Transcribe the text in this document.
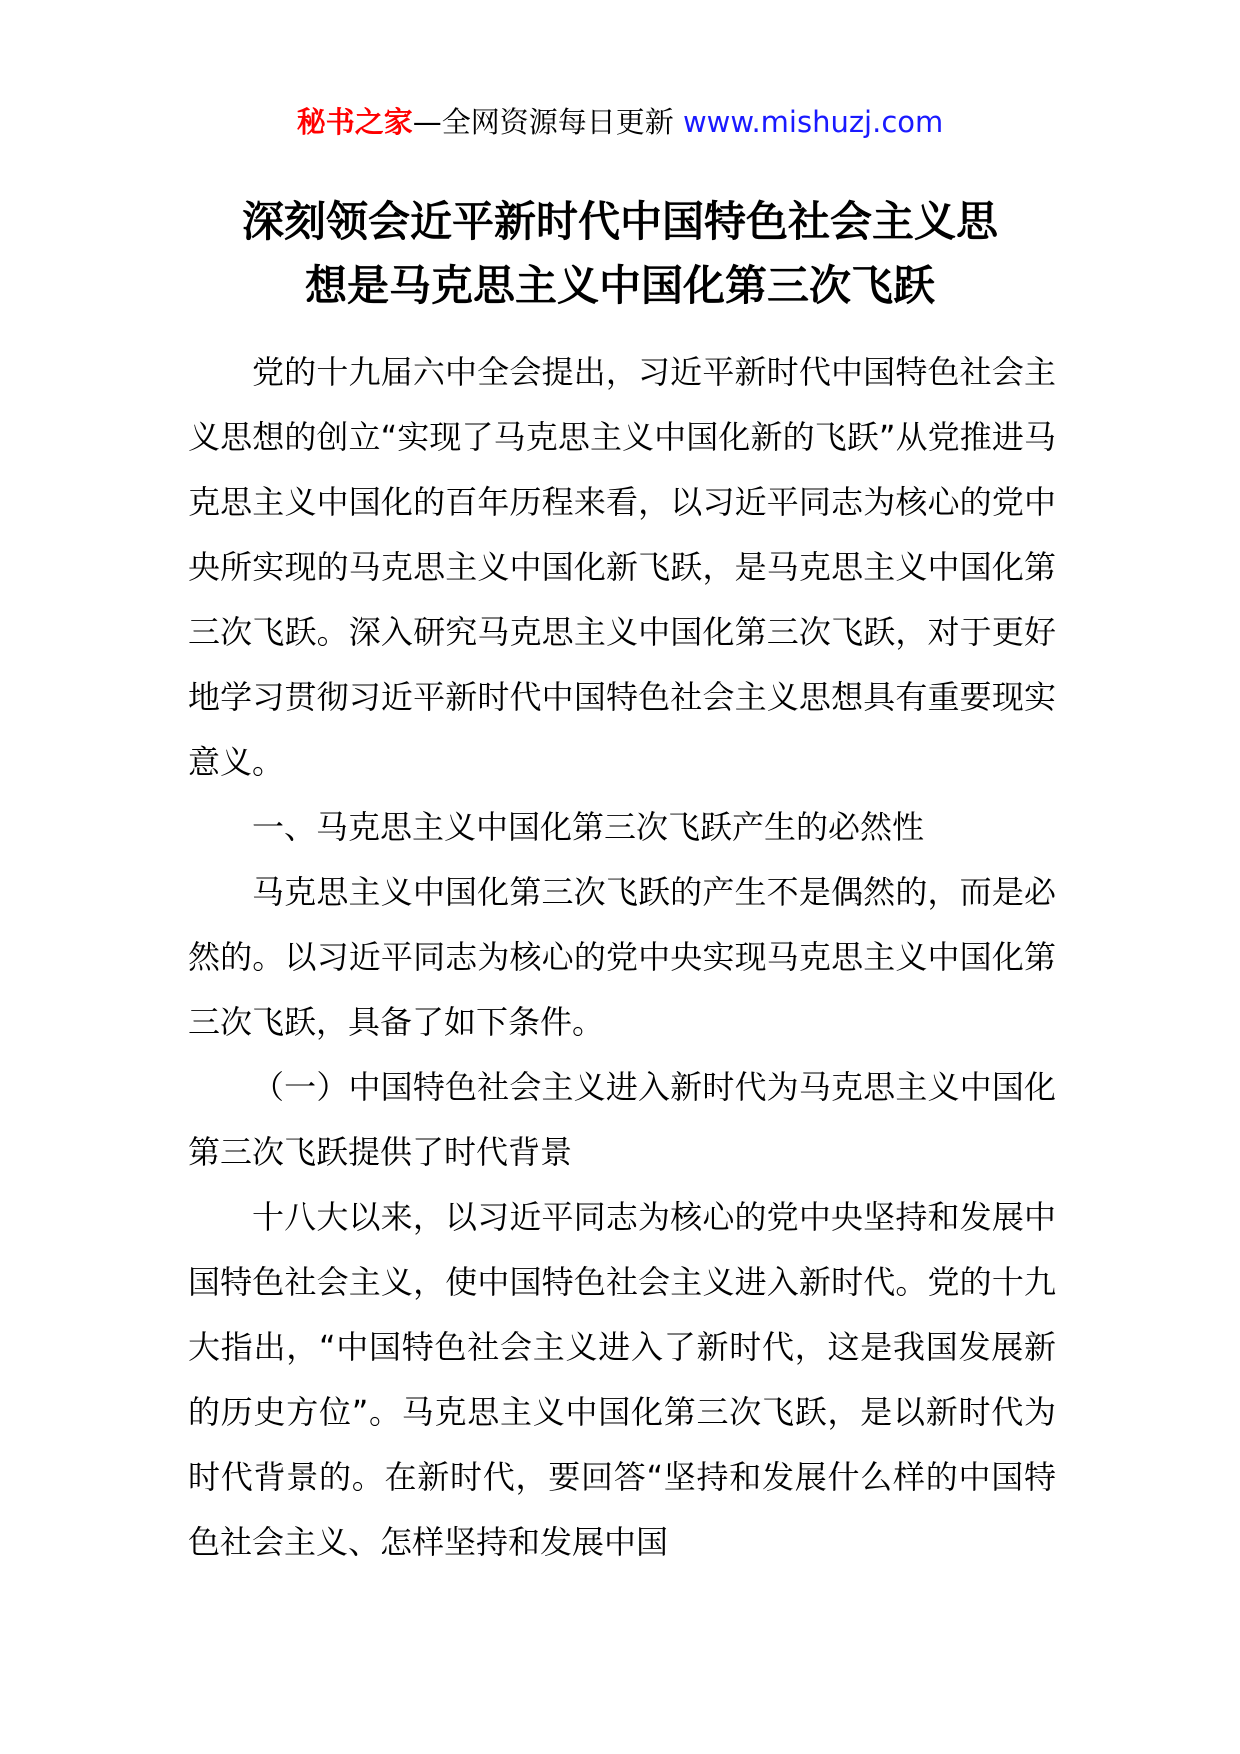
秘书之家—全网资源每日更新 www.mishuzj.com
深刻领会近平新时代中国特色社会主义思
想是马克思主义中国化第三次飞跃

党的十九届六中全会提出，习近平新时代中国特色社会主义思想的创立“实现了马克思主义中国化新的飞跃”从党推进马克思主义中国化的百年历程来看，以习近平同志为核心的党中央所实现的马克思主义中国化新飞跃，是马克思主义中国化第三次飞跃。深入研究马克思主义中国化第三次飞跃，对于更好地学习贯彻习近平新时代中国特色社会主义思想具有重要现实意义。

一、马克思主义中国化第三次飞跃产生的必然性

马克思主义中国化第三次飞跃的产生不是偶然的，而是必然的。以习近平同志为核心的党中央实现马克思主义中国化第三次飞跃，具备了如下条件。

（一）中国特色社会主义进入新时代为马克思主义中国化第三次飞跃提供了时代背景

十八大以来，以习近平同志为核心的党中央坚持和发展中国特色社会主义，使中国特色社会主义进入新时代。党的十九大指出，“中国特色社会主义进入了新时代，这是我国发展新的历史方位”。马克思主义中国化第三次飞跃，是以新时代为时代背景的。在新时代，要回答“坚持和发展什么样的中国特色社会主义、怎样坚持和发展中国
